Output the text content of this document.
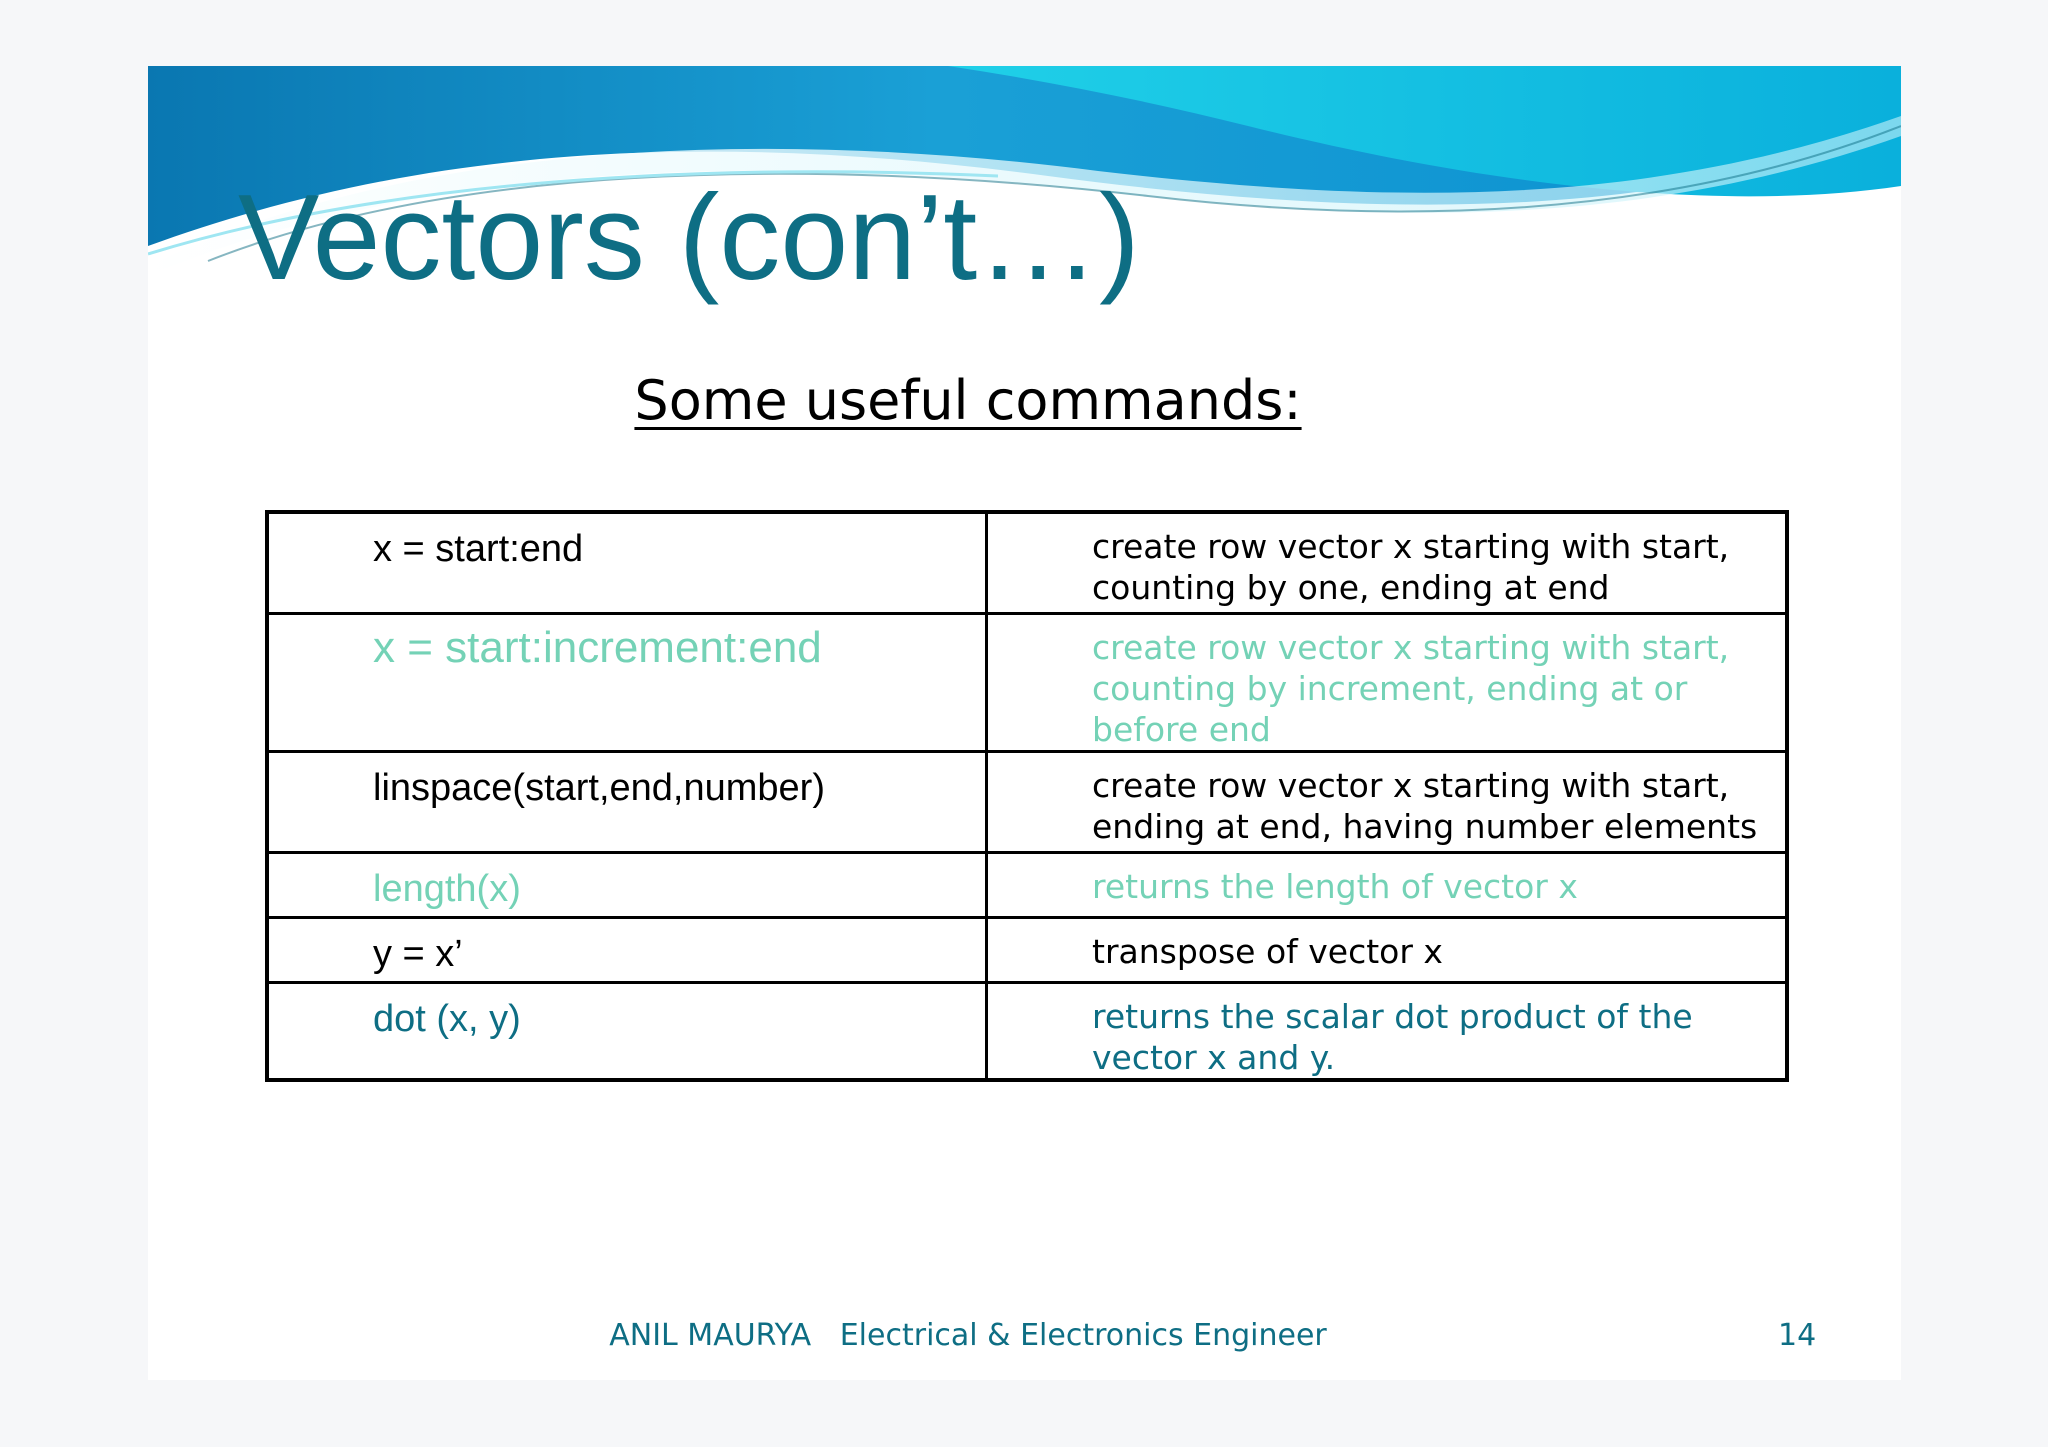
Vectors (con’t…)
Some useful commands:
x = start:end	create row vector x starting with start, counting by one, ending at end

x = start:increment:end	create row vector x starting with start, counting by increment, ending at or before end

linspace(start,end,number)	create row vector x starting with start, ending at end, having number elements

length(x)	returns the length of vector x

y = x’	transpose of vector x

dot (x, y)	returns the scalar dot product of the vector x and y.
ANIL MAURYA   Electrical & Electronics Engineer	14
